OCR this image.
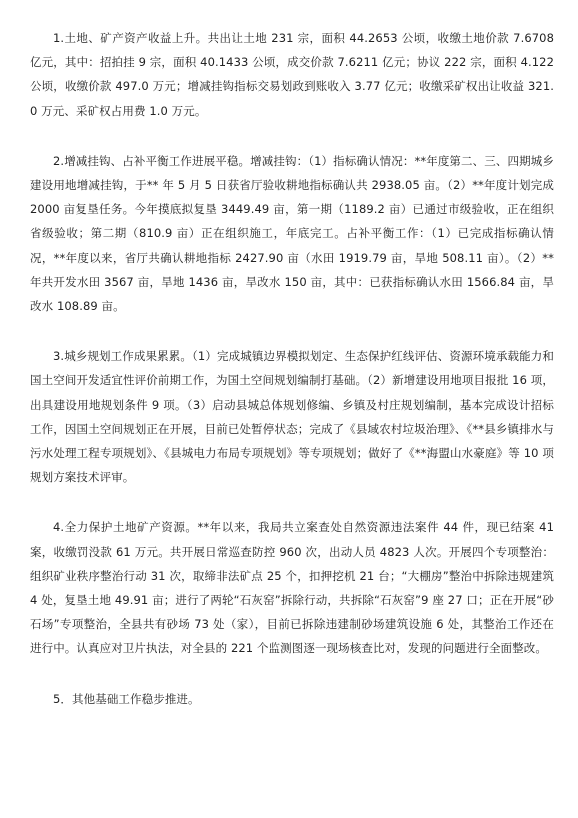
1.土地、矿产资产收益上升。共出让土地 231 宗，面积 44.2653 公顷，收缴土地价款 7.6708 亿元，其中：招拍挂 9 宗，面积 40.1433 公顷，成交价款 7.6211 亿元；协议 222 宗，面积 4.122 公顷，收缴价款 497.0 万元；增减挂钩指标交易划政到账收入 3.77 亿元；收缴采矿权出让收益 321.0 万元、采矿权占用费 1.0 万元。

2.增减挂钩、占补平衡工作进展平稳。增减挂钩：（1）指标确认情况：**年度第二、三、四期城乡建设用地增减挂钩，于** 年 5 月 5 日获省厅验收耕地指标确认共 2938.05 亩。（2）**年度计划完成 2000 亩复垦任务。今年摸底拟复垦 3449.49 亩，第一期（1189.2 亩）已通过市级验收，正在组织省级验收；第二期（810.9 亩）正在组织施工，年底完工。占补平衡工作：（1）已完成指标确认情况，**年度以来，省厅共确认耕地指标 2427.90 亩（水田 1919.79 亩，旱地 508.11 亩）。（2）**年共开发水田 3567 亩，旱地 1436 亩，旱改水 150 亩，其中：已获指标确认水田 1566.84 亩，旱改水 108.89 亩。

3.城乡规划工作成果累累。（1）完成城镇边界模拟划定、生态保护红线评估、资源环境承载能力和国土空间开发适宜性评价前期工作，为国土空间规划编制打基础。（2）新增建设用地项目报批 16 项，出具建设用地规划条件 9 项。（3）启动县城总体规划修编、乡镇及村庄规划编制，基本完成设计招标工作，因国土空间规划正在开展，目前已处暂停状态；完成了《县域农村垃圾治理》、《**县乡镇排水与污水处理工程专项规划》、《县城电力布局专项规划》等专项规划；做好了《**海盟山水豪庭》等 10 项规划方案技术评审。

4.全力保护土地矿产资源。**年以来，我局共立案查处自然资源违法案件 44 件，现已结案 41 案，收缴罚没款 61 万元。共开展日常巡查防控 960 次，出动人员 4823 人次。开展四个专项整治：组织矿业秩序整治行动 31 次，取缔非法矿点 25 个，扣押挖机 21 台；“大棚房”整治中拆除违规建筑 4 处，复垦土地 49.91 亩；进行了两轮“石灰窑”拆除行动，共拆除“石灰窑”9 座 27 口；正在开展“砂石场”专项整治，全县共有砂场 73 处（家），目前已拆除违建制砂场建筑设施 6 处，其整治工作还在进行中。认真应对卫片执法，对全县的 221 个监测图逐一现场核查比对，发现的问题进行全面整改。

5．其他基础工作稳步推进。
